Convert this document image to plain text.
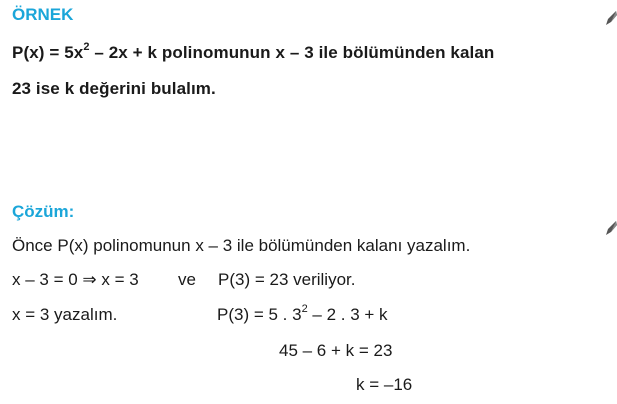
ÖRNEK
$P(x) = 5x^2 - 2x + k$ polinomunun x – 3 ile bölümünden kalan
23 ise k değerini bulalım.
Çözüm:
Önce P(x) polinomunun x – 3 ile bölümünden kalanı yazalım.
x – 3 = 0 ⇒ x = 3 ve P(3) = 23 veriliyor.
x = 3 yazalım.	P(3) = 5 . $3^2 - 2$ . 3 + k
45 – 6 + k = 23
k = –16
